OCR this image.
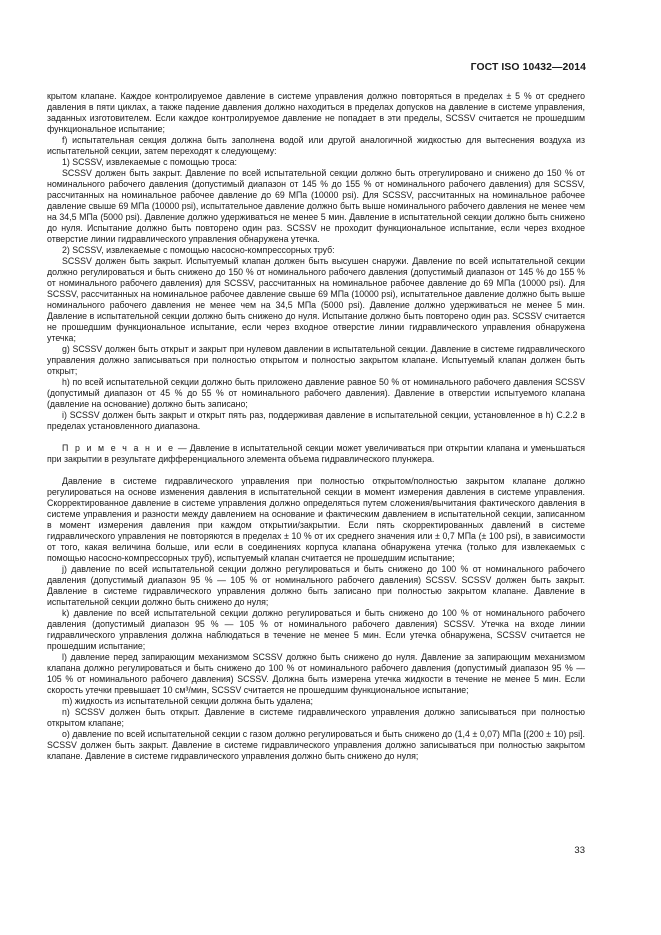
ГОСТ ISO 10432—2014

крытом клапане. Каждое контролируемое давление в системе управления должно повторяться в пределах ± 5 % от среднего давления в пяти циклах, а также падение давления должно находиться в пределах допусков на давление в системе управления, заданных изготовителем. Если каждое контролируемое давление не попадает в эти пределы, SCSSV считается не прошедшим функциональное испытание;

f) испытательная секция должна быть заполнена водой или другой аналогичной жидкостью для вытеснения воздуха из испытательной секции, затем переходят к следующему:

1) SCSSV, извлекаемые с помощью троса:

SCSSV должен быть закрыт. Давление по всей испытательной секции должно быть отрегулировано и снижено до 150 % от номинального рабочего давления (допустимый диапазон от 145 % до 155 % от номинального рабочего давления) для SCSSV, рассчитанных на номинальное рабочее давление до 69 МПа (10000 psi). Для SCSSV, рассчитанных на номинальное рабочее давление свыше 69 МПа (10000 psi), испытательное давление должно быть выше номинального рабочего давления не менее чем на 34,5 МПа (5000 psi). Давление должно удерживаться не менее 5 мин. Давление в испытательной секции должно быть снижено до нуля. Испытание должно быть повторено один раз. SCSSV не проходит функциональное испытание, если через входное отверстие линии гидравлического управления обнаружена утечка.

2) SCSSV, извлекаемые с помощью насосно-компрессорных труб:

SCSSV должен быть закрыт. Испытуемый клапан должен быть высушен снаружи. Давление по всей испытательной секции должно регулироваться и быть снижено до 150 % от номинального рабочего давления (допустимый диапазон от 145 % до 155 % от номинального рабочего давления) для SCSSV, рассчитанных на номинальное рабочее давление до 69 МПа (10000 psi). Для SCSSV, рассчитанных на номинальное рабочее давление свыше 69 МПа (10000 psi), испытательное давление должно быть выше номинального рабочего давления не менее чем на 34,5 МПа (5000 psi). Давление должно удерживаться не менее 5 мин. Давление в испытательной секции должно быть снижено до нуля. Испытание должно быть повторено один раз. SCSSV считается не прошедшим функциональное испытание, если через входное отверстие линии гидравлического управления обнаружена утечка;

g) SCSSV должен быть открыт и закрыт при нулевом давлении в испытательной секции. Давление в системе гидравлического управления должно записываться при полностью открытом и полностью закрытом клапане. Испытуемый клапан должен быть открыт;

h) по всей испытательной секции должно быть приложено давление равное 50 % от номинального рабочего давления SCSSV (допустимый диапазон от 45 % до 55 % от номинального рабочего давления). Давление в отверстии испытуемого клапана (давление на основание) должно быть записано;

i) SCSSV должен быть закрыт и открыт пять раз, поддерживая давление в испытательной секции, установленное в h) C.2.2 в пределах установленного диапазона.

П р и м е ч а н и е — Давление в испытательной секции может увеличиваться при открытии клапана и уменьшаться при закрытии в результате дифференциального элемента объема гидравлического плунжера.

Давление в системе гидравлического управления при полностью открытом/полностью закрытом клапане должно регулироваться на основе изменения давления в испытательной секции в момент измерения давления в системе управления. Скорректированное давление в системе управления должно определяться путем сложения/вычитания фактического давления в системе управления и разности между давлением на основание и фактическим давлением в испытательной секции, записанном в момент измерения давления при каждом открытии/закрытии. Если пять скорректированных давлений в системе гидравлического управления не повторяются в пределах ± 10 % от их среднего значения или ± 0,7 МПа (± 100 psi), в зависимости от того, какая величина больше, или если в соединениях корпуса клапана обнаружена утечка (только для извлекаемых с помощью насосно-компрессорных труб), испытуемый клапан считается не прошедшим испытание;

j) давление по всей испытательной секции должно регулироваться и быть снижено до 100 % от номинального рабочего давления (допустимый диапазон 95 % — 105 % от номинального рабочего давления) SCSSV. SCSSV должен быть закрыт. Давление в системе гидравлического управления должно быть записано при полностью закрытом клапане. Давление в испытательной секции должно быть снижено до нуля;

k) давление по всей испытательной секции должно регулироваться и быть снижено до 100 % от номинального рабочего давления (допустимый диапазон 95 % — 105 % от номинального рабочего давления) SCSSV. Утечка на входе линии гидравлического управления должна наблюдаться в течение не менее 5 мин. Если утечка обнаружена, SCSSV считается не прошедшим испытание;

l) давление перед запирающим механизмом SCSSV должно быть снижено до нуля. Давление за запирающим механизмом клапана должно регулироваться и быть снижено до 100 % от номинального рабочего давления (допустимый диапазон 95 % — 105 % от номинального рабочего давления) SCSSV. Должна быть измерена утечка жидкости в течение не менее 5 мин. Если скорость утечки превышает 10 см³/мин, SCSSV считается не прошедшим функциональное испытание;

m) жидкость из испытательной секции должна быть удалена;

n) SCSSV должен быть открыт. Давление в системе гидравлического управления должно записываться при полностью открытом клапане;

o) давление по всей испытательной секции с газом должно регулироваться и быть снижено до (1,4 ± 0,07) МПа [(200 ± 10) psi]. SCSSV должен быть закрыт. Давление в системе гидравлического управления должно записываться при полностью закрытом клапане. Давление в системе гидравлического управления должно быть снижено до нуля;

33
